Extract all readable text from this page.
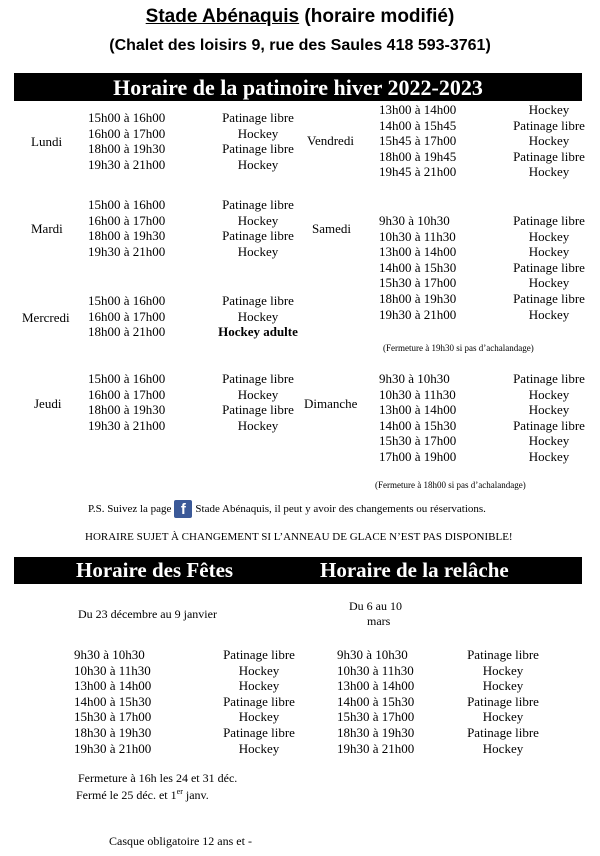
Stade Abénaquis (horaire modifié)
(Chalet des loisirs 9, rue des Saules 418 593-3761)
Horaire de la patinoire hiver 2022-2023
Lundi
15h00 à 16h00	Patinage libre
16h00 à 17h00	Hockey
18h00 à 19h30	Patinage libre
19h30 à 21h00	Hockey
Mardi
15h00 à 16h00	Patinage libre
16h00 à 17h00	Hockey
18h00 à 19h30	Patinage libre
19h30 à 21h00	Hockey
Mercredi
15h00 à 16h00	Patinage libre
16h00 à 17h00	Hockey
18h00 à 21h00	Hockey adulte
Jeudi
15h00 à 16h00	Patinage libre
16h00 à 17h00	Hockey
18h00 à 19h30	Patinage libre
19h30 à 21h00	Hockey
Vendredi
13h00 à 14h00	Hockey
14h00 à 15h45	Patinage libre
15h45 à 17h00	Hockey
18h00 à 19h45	Patinage libre
19h45 à 21h00	Hockey
Samedi
9h30 à 10h30	Patinage libre
10h30 à 11h30	Hockey
13h00 à 14h00	Hockey
14h00 à 15h30	Patinage libre
15h30 à 17h00	Hockey
18h00 à 19h30	Patinage libre
19h30 à 21h00	Hockey
(Fermeture à 19h30 si pas d’achalandage)
Dimanche
9h30 à 10h30	Patinage libre
10h30 à 11h30	Hockey
13h00 à 14h00	Hockey
14h00 à 15h30	Patinage libre
15h30 à 17h00	Hockey
17h00 à 19h00	Hockey
(Fermeture à 18h00 si pas d’achalandage)
P.S. Suivez la page f Stade Abénaquis, il peut y avoir des changements ou réservations.
HORAIRE SUJET À CHANGEMENT SI L’ANNEAU DE GLACE N’EST PAS DISPONIBLE!
Horaire des Fêtes	Horaire de la relâche
Du 23 décembre au 9 janvier
Du 6 au 10
mars
9h30 à 10h30	Patinage libre
10h30 à 11h30	Hockey
13h00 à 14h00	Hockey
14h00 à 15h30	Patinage libre
15h30 à 17h00	Hockey
18h30 à 19h30	Patinage libre
19h30 à 21h00	Hockey
9h30 à 10h30	Patinage libre
10h30 à 11h30	Hockey
13h00 à 14h00	Hockey
14h00 à 15h30	Patinage libre
15h30 à 17h00	Hockey
18h30 à 19h30	Patinage libre
19h30 à 21h00	Hockey
Fermeture à 16h les 24 et 31 déc.
Fermé le 25 déc. et 1er janv.
Casque obligatoire 12 ans et -
